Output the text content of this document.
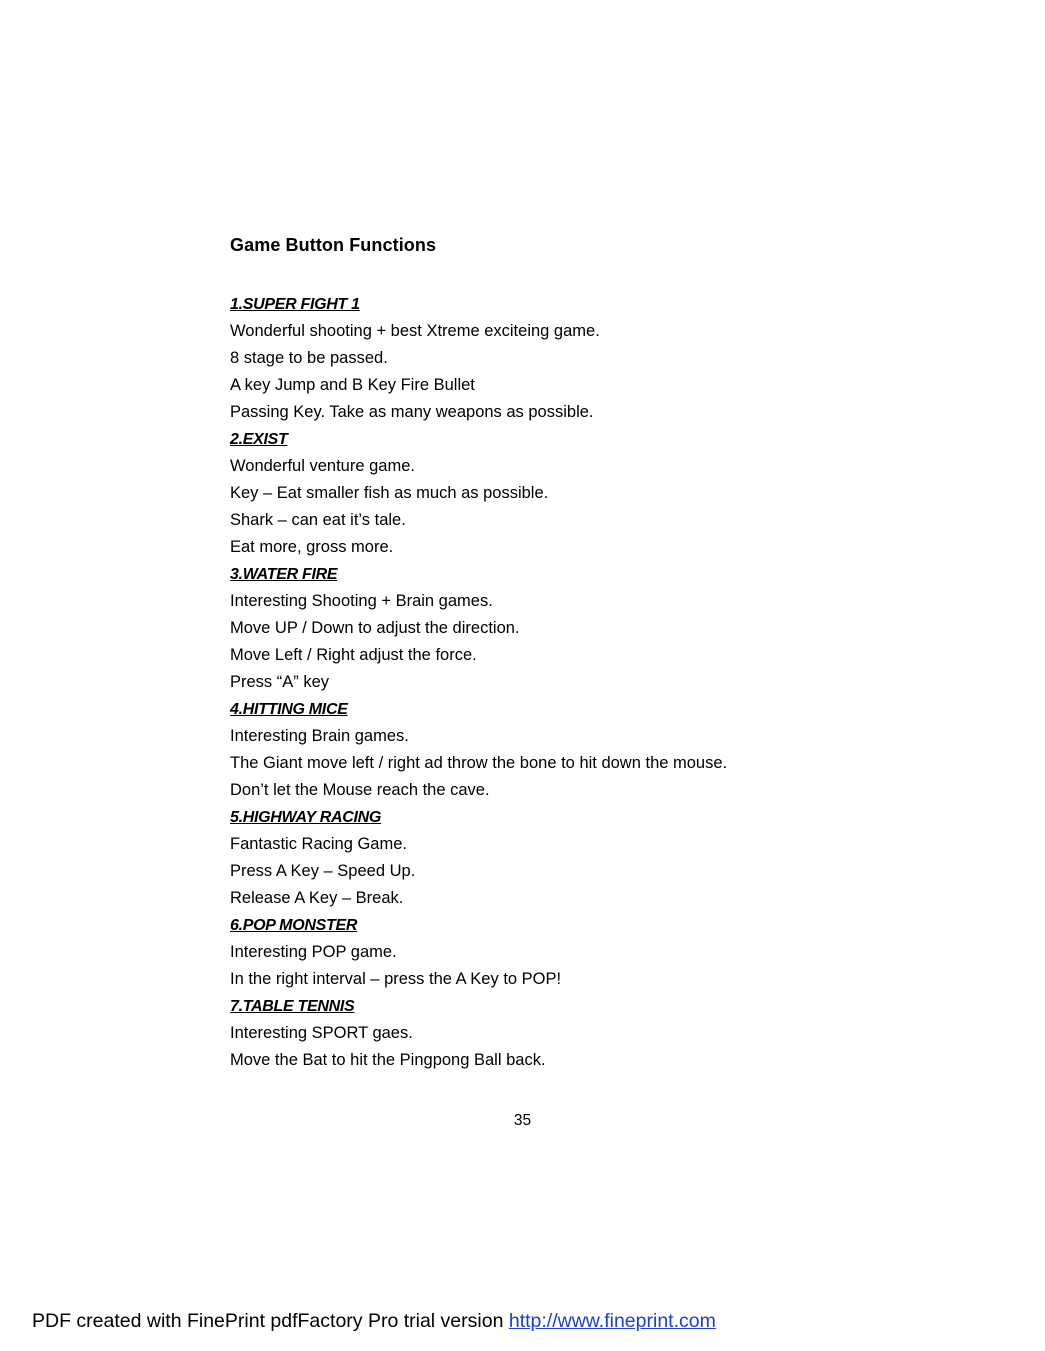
Game Button Functions
1.SUPER FIGHT 1
Wonderful shooting + best Xtreme exciteing game.
8 stage to be passed.
A key Jump and B Key Fire Bullet
Passing Key. Take as many weapons as possible.
2.EXIST
Wonderful venture game.
Key – Eat smaller fish as much as possible.
Shark – can eat it’s tale.
Eat more, gross more.
3.WATER FIRE
Interesting Shooting + Brain games.
Move UP / Down to adjust the direction.
Move Left / Right adjust the force.
Press “A” key
4.HITTING MICE
Interesting Brain games.
The Giant move left / right ad throw the bone to hit down the mouse.
Don’t let the Mouse reach the cave.
5.HIGHWAY RACING
Fantastic Racing Game.
Press A Key – Speed Up.
Release A Key – Break.
6.POP MONSTER
Interesting POP game.
In the right interval – press the A Key to POP!
7.TABLE TENNIS
Interesting SPORT gaes.
Move the Bat to hit the Pingpong Ball back.
35
PDF created with FinePrint pdfFactory Pro trial version http://www.fineprint.com
